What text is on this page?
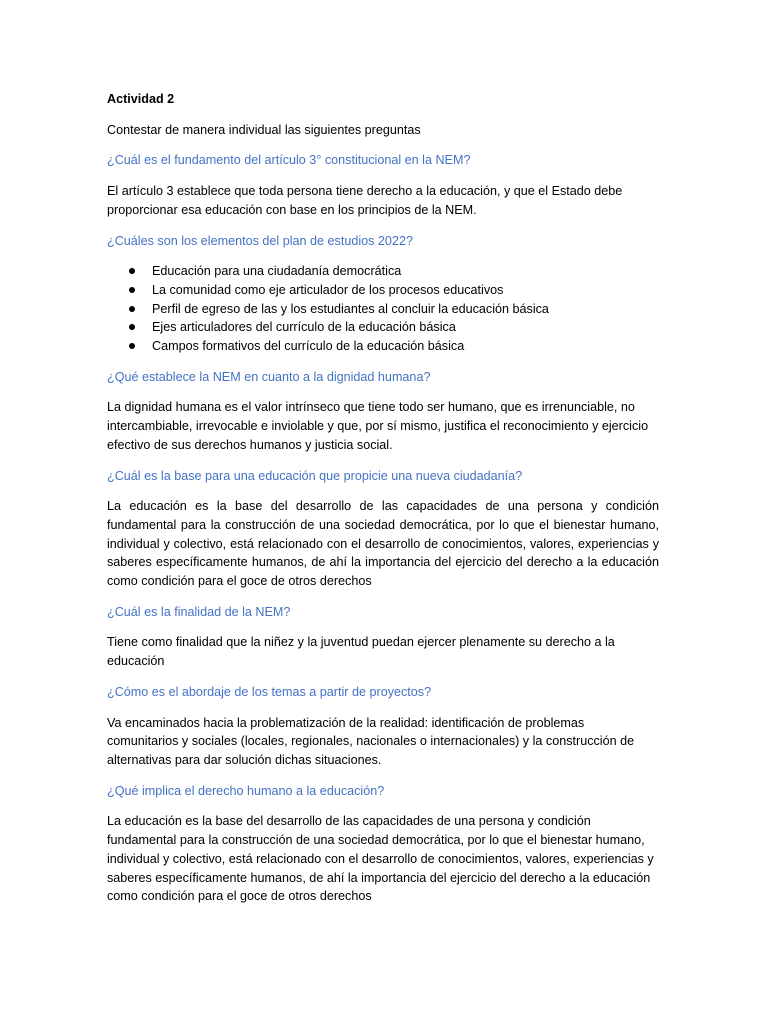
Actividad 2

Contestar de manera individual las siguientes preguntas

¿Cuál es el fundamento del artículo 3° constitucional en la NEM?

El artículo 3 establece que toda persona tiene derecho a la educación, y que el Estado debe proporcionar esa educación con base en los principios de la NEM.

¿Cuáles son los elementos del plan de estudios 2022?

Educación para una ciudadanía democrática
La comunidad como eje articulador de los procesos educativos
Perfil de egreso de las y los estudiantes al concluir la educación básica
Ejes articuladores del currículo de la educación básica
Campos formativos del currículo de la educación básica

¿Qué establece la NEM en cuanto a la dignidad humana?

La dignidad humana es el valor intrínseco que tiene todo ser humano, que es irrenunciable, no intercambiable, irrevocable e inviolable y que, por sí mismo, justifica el reconocimiento y ejercicio efectivo de sus derechos humanos y justicia social.

¿Cuál es la base para una educación que propicie una nueva ciudadanía?

La educación es la base del desarrollo de las capacidades de una persona y condición fundamental para la construcción de una sociedad democrática, por lo que el bienestar humano, individual y colectivo, está relacionado con el desarrollo de conocimientos, valores, experiencias y saberes específicamente humanos, de ahí la importancia del ejercicio del derecho a la educación como condición para el goce de otros derechos

¿Cuál es la finalidad de la NEM?

Tiene como finalidad que la niñez y la juventud puedan ejercer plenamente su derecho a la educación

¿Cómo es el abordaje de los temas a partir de proyectos?

Va encaminados hacia la problematización de la realidad: identificación de problemas comunitarios y sociales (locales, regionales, nacionales o internacionales) y la construcción de alternativas para dar solución dichas situaciones.

¿Qué implica el derecho humano a la educación?

La educación es la base del desarrollo de las capacidades de una persona y condición fundamental para la construcción de una sociedad democrática, por lo que el bienestar humano, individual y colectivo, está relacionado con el desarrollo de conocimientos, valores, experiencias y saberes específicamente humanos, de ahí la importancia del ejercicio del derecho a la educación como condición para el goce de otros derechos
